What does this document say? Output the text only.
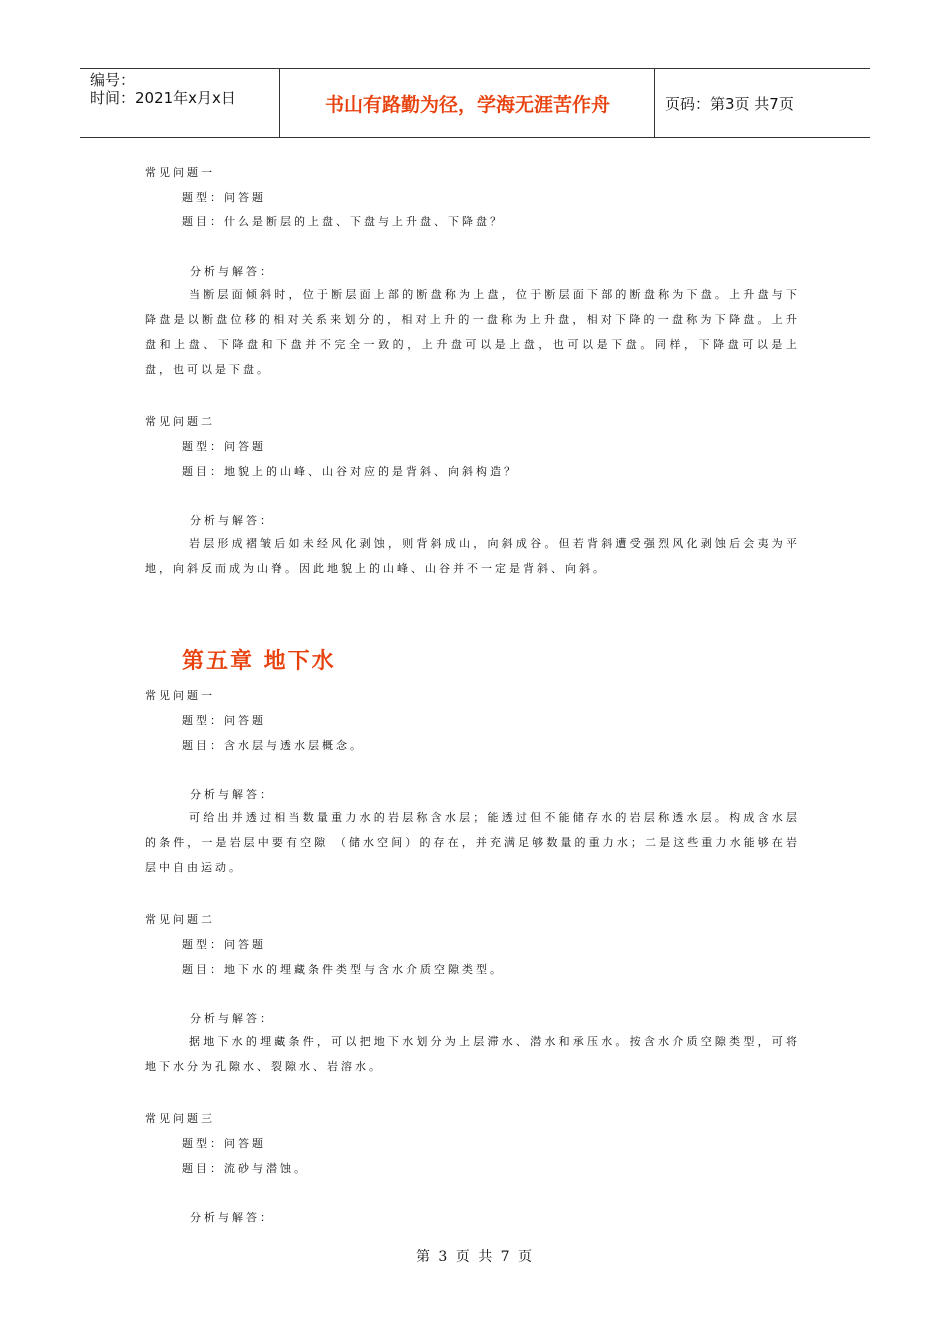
编号：
时间：2021年x月x日	书山有路勤为径，学海无涯苦作舟	页码：第3页 共7页
常见问题一
题型：问答题
题目：什么是断层的上盘、下盘与上升盘、下降盘？
分析与解答：
当断层面倾斜时，位于断层面上部的断盘称为上盘，位于断层面下部的断盘称为下盘。上升盘与下降盘是以断盘位移的相对关系来划分的，相对上升的一盘称为上升盘，相对下降的一盘称为下降盘。上升盘和上盘、下降盘和下盘并不完全一致的，上升盘可以是上盘，也可以是下盘。同样，下降盘可以是上盘，也可以是下盘。
常见问题二
题型：问答题
题目：地貌上的山峰、山谷对应的是背斜、向斜构造？
分析与解答：
岩层形成褶皱后如未经风化剥蚀，则背斜成山，向斜成谷。但若背斜遭受强烈风化剥蚀后会夷为平地，向斜反而成为山脊。因此地貌上的山峰、山谷并不一定是背斜、向斜。
第五章 地下水
常见问题一
题型：问答题
题目：含水层与透水层概念。
分析与解答：
可给出并透过相当数量重力水的岩层称含水层；能透过但不能储存水的岩层称透水层。构成含水层的条件，一是岩层中要有空隙 （储水空间）的存在，并充满足够数量的重力水；二是这些重力水能够在岩层中自由运动。
常见问题二
题型：问答题
题目：地下水的埋藏条件类型与含水介质空隙类型。
分析与解答：
据地下水的埋藏条件，可以把地下水划分为上层滞水、潜水和承压水。按含水介质空隙类型，可将地下水分为孔隙水、裂隙水、岩溶水。
常见问题三
题型：问答题
题目：流砂与潜蚀。
分析与解答：
第 3 页 共 7 页
